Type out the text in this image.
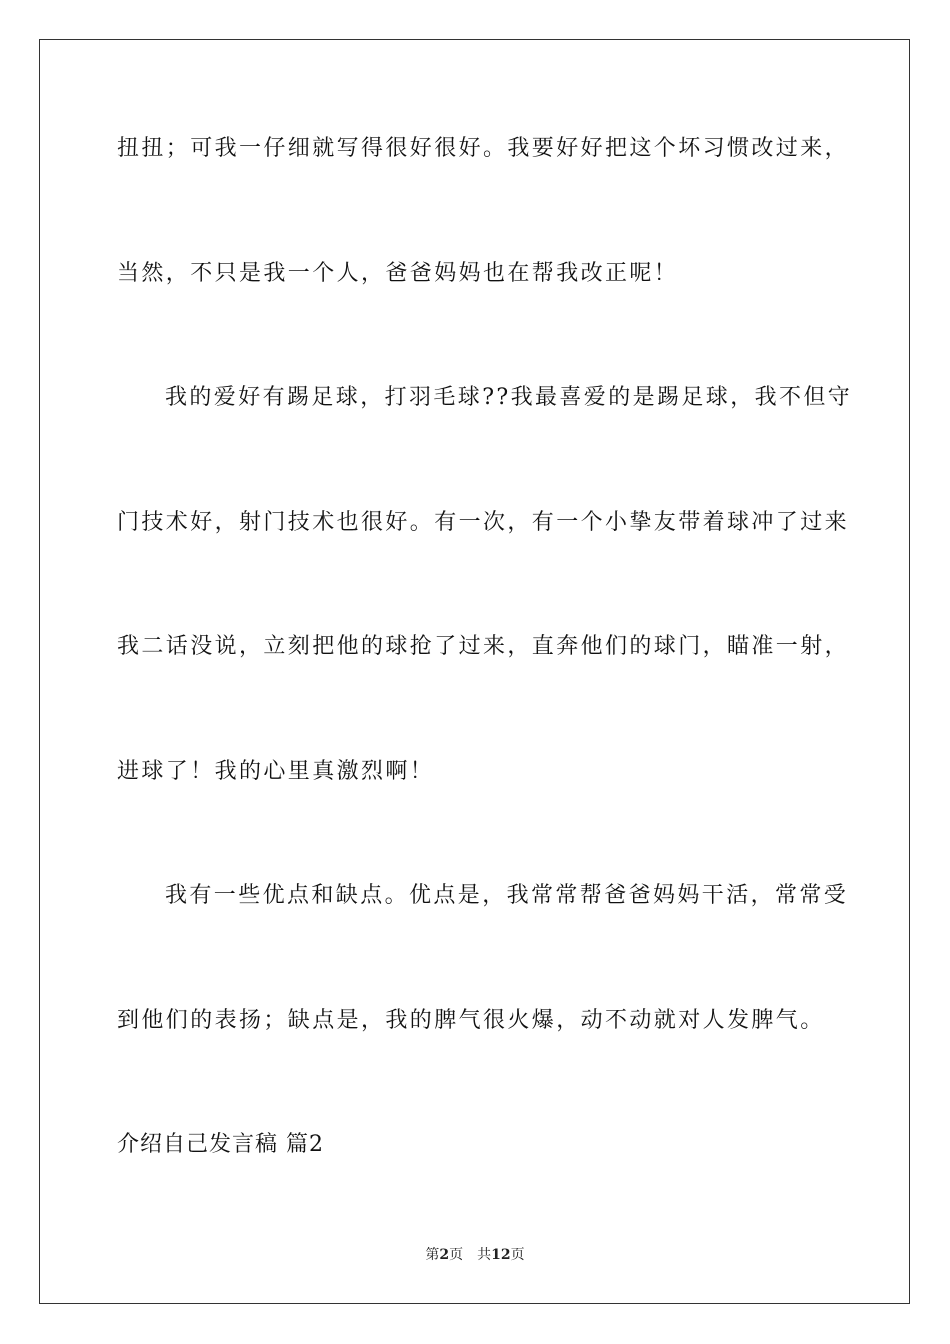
扭扭；可我一仔细就写得很好很好。我要好好把这个坏习惯改过来，
当然，不只是我一个人，爸爸妈妈也在帮我改正呢！
我的爱好有踢足球，打羽毛球??我最喜爱的是踢足球，我不但守
门技术好，射门技术也很好。有一次，有一个小挚友带着球冲了过来
我二话没说，立刻把他的球抢了过来，直奔他们的球门，瞄准一射，
进球了！我的心里真激烈啊！
我有一些优点和缺点。优点是，我常常帮爸爸妈妈干活，常常受
到他们的表扬；缺点是，我的脾气很火爆，动不动就对人发脾气。
介绍自己发言稿 篇2
第2页 共12页
